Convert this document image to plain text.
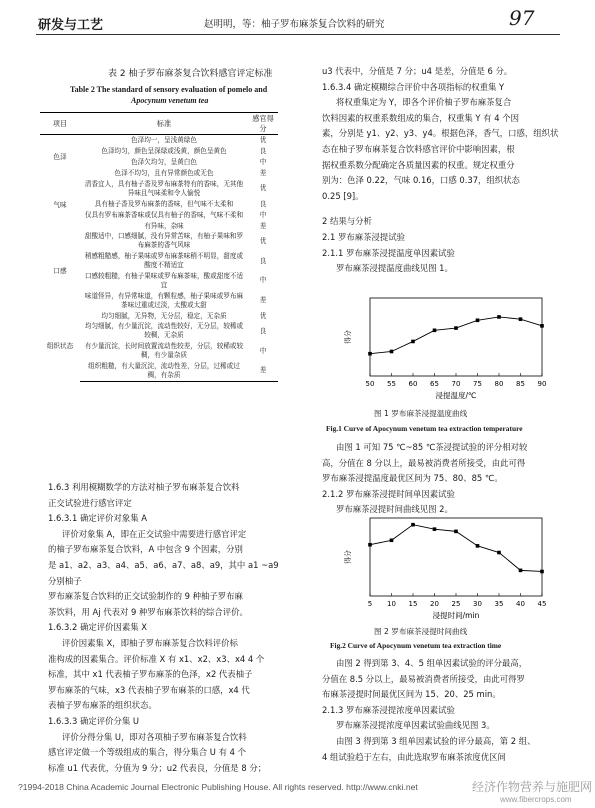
研发与工艺	赵明明，等：柚子罗布麻茶复合饮料的研究	97
表 2 柚子罗布麻茶复合饮料感官评定标准
Table 2 The standard of sensory evaluation of pomelo and
Apocynum venetum tea
项目	标准	感官得分
色泽	色泽均一，呈浅黄绿色	优
	色泽均匀，颜色呈深绿或浅黄，颜色呈黄色	良
	色泽欠均匀，呈黄白色	中
	色泽不均匀，且有异常颜色或无色	差
气味	清香宜人，具有柚子香及罗布麻茶特有的香味，无其他异味且气味柔和令人愉悦	优
	具有柚子香及罗布麻茶的香味，但气味不太柔和	良
	仅具有罗布麻茶香味或仅具有柚子的香味，气味不柔和	中
	有异味，杂味	差
口感	甜酸适中，口感细腻，没有异常苦味，有柚子果味和罗布麻茶的香气风味	优
	稍感粗糙感，柚子果味或罗布麻茶味稍不明显，甜度或酸度不精适宜	良
	口感较粗糙，有柚子果味或罗布麻茶味，酸或甜度不适宜	中
	味道怪异，有异常味道，有颗粒感，柚子果味或罗布麻茶味过重或过淡，太酸或太甜	差
组织状态	均匀细腻，无异物，无分层，稳定，无杂质	优
	均匀细腻，有少量沉淀，流动性较好，无分层，较稀或较稠，无杂质	良
	有少量沉淀，长时间放置流动性较差，分层，较稀或较稠，有少量杂质	中
	组织粗糙，有大量沉淀，流动性差，分层，过稀或过稠，有杂质	差
1.6.3 利用模糊数学的方法对柚子罗布麻茶复合饮料
正交试验进行感官评定
1.6.3.1 确定评价对象集 A
评价对象集 A，即在正交试验中需要进行感官评定
的柚子罗布麻茶复合饮料，A 中包含 9 个因素，分别
是 a1、a2、a3、a4、a5、a6、a7、a8、a9，其中 a1 ~a9 分别柚子
罗布麻茶复合饮料的正交试验制作的 9 种柚子罗布麻
茶饮料，用 Aj 代表对 9 种罗布麻茶饮料的综合评价。
1.6.3.2 确定评价因素集 X
评价因素集 X，即柚子罗布麻茶复合饮料评价标
准构成的因素集合。评价标准 X 有 x1、x2、x3、x4 4 个
标准，其中 x1 代表柚子罗布麻茶的色泽，x2 代表柚子
罗布麻茶的气味，x3 代表柚子罗布麻茶的口感，x4 代
表柚子罗布麻茶的组织状态。
1.6.3.3 确定评价分集 U
评价分得分集 U，即对各项柚子罗布麻茶复合饮料
感官评定做一个等级组成的集合，得分集合 U 有 4 个
标准 u1 代表优，分值为 9 分；u2 代表良，分值是 8 分；
u3 代表中，分值是 7 分；u4 是差，分值是 6 分。
1.6.3.4 确定模糊综合评价中各项指标的权重集 Y
将权重集定为 Y，即各个评价柚子罗布麻茶复合
饮料因素的权重系数组成的集合，权重集 Y 有 4 个因
素，分别是 y1、y2、y3、y4。根据色泽，香气，口感，组织状
态在柚子罗布麻茶复合饮料感官评价中影响因素，根
据权重系数分配确定各质量因素的权重。规定权重分
别为：色泽 0.22，气味 0.16，口感 0.37，组织状态
0.25 [9]。
2 结果与分析
2.1 罗布麻茶浸提试验
2.1.1 罗布麻茶浸提温度单因素试验
罗布麻茶浸提温度曲线见图 1。
50 55 60 65 70 75 80 85 90
得分
浸提温度/℃
图 1 罗布麻茶浸提温度曲线
Fig.1 Curve of Apocynum venetum tea extraction temperature
由图 1 可知 75 ℃~85 ℃茶浸提试验的评分相对较
高，分值在 8 分以上，最易被消费者所接受，由此可得
罗布麻茶浸提温度最优区间为 75、80、85 ℃。
2.1.2 罗布麻茶浸提时间单因素试验
罗布麻茶浸提时间曲线见图 2。
5 10 15 20 25 30 35 40 45
得分
浸提时间/min
图 2 罗布麻茶浸提时间曲线
Fig.2 Curve of Apocynum venetum tea extraction time
由图 2 得到第 3、4、5 组单因素试验的评分最高，
分值在 8.5 分以上，最易被消费者所接受，由此可得罗
布麻茶浸提时间最优区间为 15、20、25 min。
2.1.3 罗布麻茶浸提浓度单因素试验
罗布麻茶浸提浓度单因素试验曲线见图 3。
由图 3 得到第 3 组单因素试验的评分最高，第 2 组、
4 组试验趋于左右，由此选取罗布麻茶浓度优区间
?1994-2018 China Academic Journal Electronic Publishing House. All rights reserved. http://www.cnki.net	经济作物营养与施肥网
www.fibercrops.com
